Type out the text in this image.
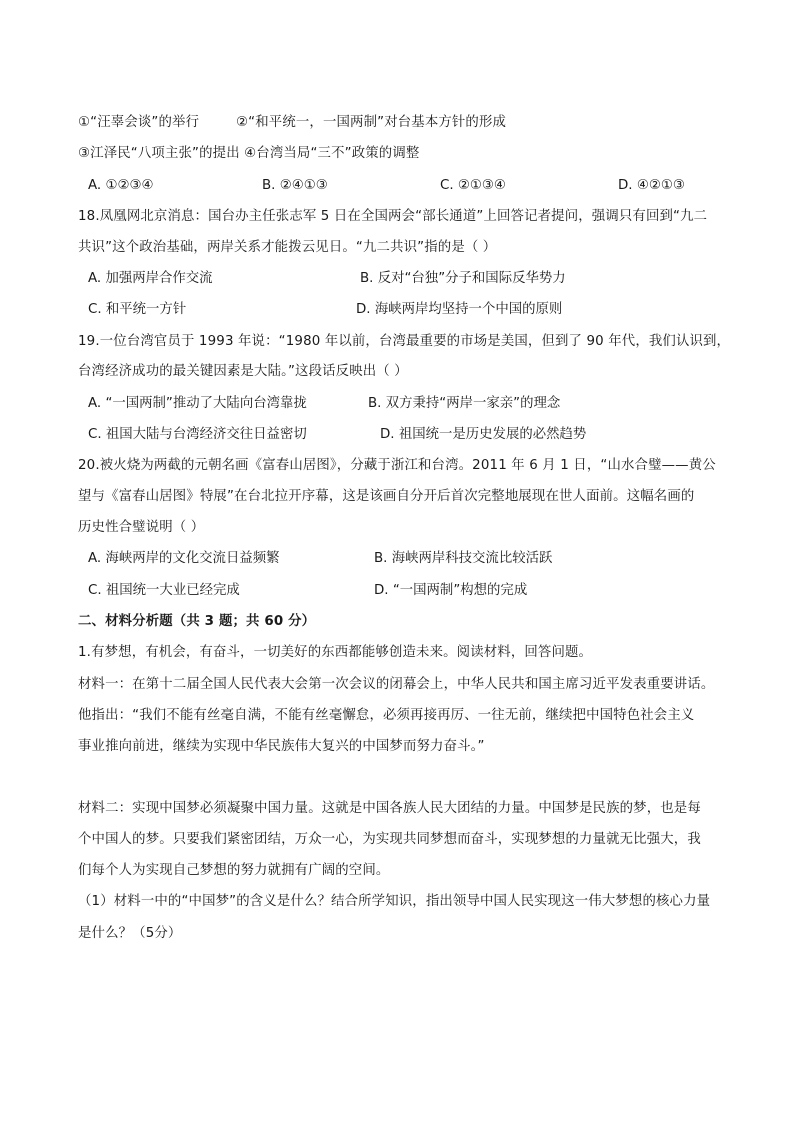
①“汪辜会谈”的举行	②“和平统一，一国两制”对台基本方针的形成
③江泽民“八项主张”的提出 ④台湾当局“三不”政策的调整
A. ①②③④	B. ②④①③	C. ②①③④	D. ④②①③
18.凤凰网北京消息：国台办主任张志军 5 日在全国两会“部长通道”上回答记者提问，强调只有回到“九二
共识”这个政治基础，两岸关系才能拨云见日。“九二共识”指的是（ ）
A. 加强两岸合作交流	B. 反对“台独”分子和国际反华势力
C. 和平统一方针	D. 海峡两岸均坚持一个中国的原则
19.一位台湾官员于 1993 年说：“1980 年以前，台湾最重要的市场是美国，但到了 90 年代，我们认识到，
台湾经济成功的最关键因素是大陆。”这段话反映出（ ）
A. “一国两制”推动了大陆向台湾靠拢	B. 双方秉持“两岸一家亲”的理念
C. 祖国大陆与台湾经济交往日益密切	D. 祖国统一是历史发展的必然趋势
20.被火烧为两截的元朝名画《富春山居图》，分藏于浙江和台湾。2011 年 6 月 1 日，“山水合璧——黄公
望与《富春山居图》特展”在台北拉开序幕，这是该画自分开后首次完整地展现在世人面前。这幅名画的
历史性合璧说明（ ）
A. 海峡两岸的文化交流日益频繁	B. 海峡两岸科技交流比较活跃
C. 祖国统一大业已经完成	D. “一国两制”构想的完成
二、材料分析题（共 3 题；共 60 分）
1.有梦想，有机会，有奋斗，一切美好的东西都能够创造未来。阅读材料，回答问题。
材料一：在第十二届全国人民代表大会第一次会议的闭幕会上，中华人民共和国主席习近平发表重要讲话。
他指出：“我们不能有丝毫自满，不能有丝毫懈怠，必须再接再厉、一往无前，继续把中国特色社会主义
事业推向前进，继续为实现中华民族伟大复兴的中国梦而努力奋斗。”
材料二：实现中国梦必须凝聚中国力量。这就是中国各族人民大团结的力量。中国梦是民族的梦，也是每
个中国人的梦。只要我们紧密团结，万众一心，为实现共同梦想而奋斗，实现梦想的力量就无比强大，我
们每个人为实现自己梦想的努力就拥有广阔的空间。
（1）材料一中的“中国梦”的含义是什么？结合所学知识，指出领导中国人民实现这一伟大梦想的核心力量
是什么？（5分）
